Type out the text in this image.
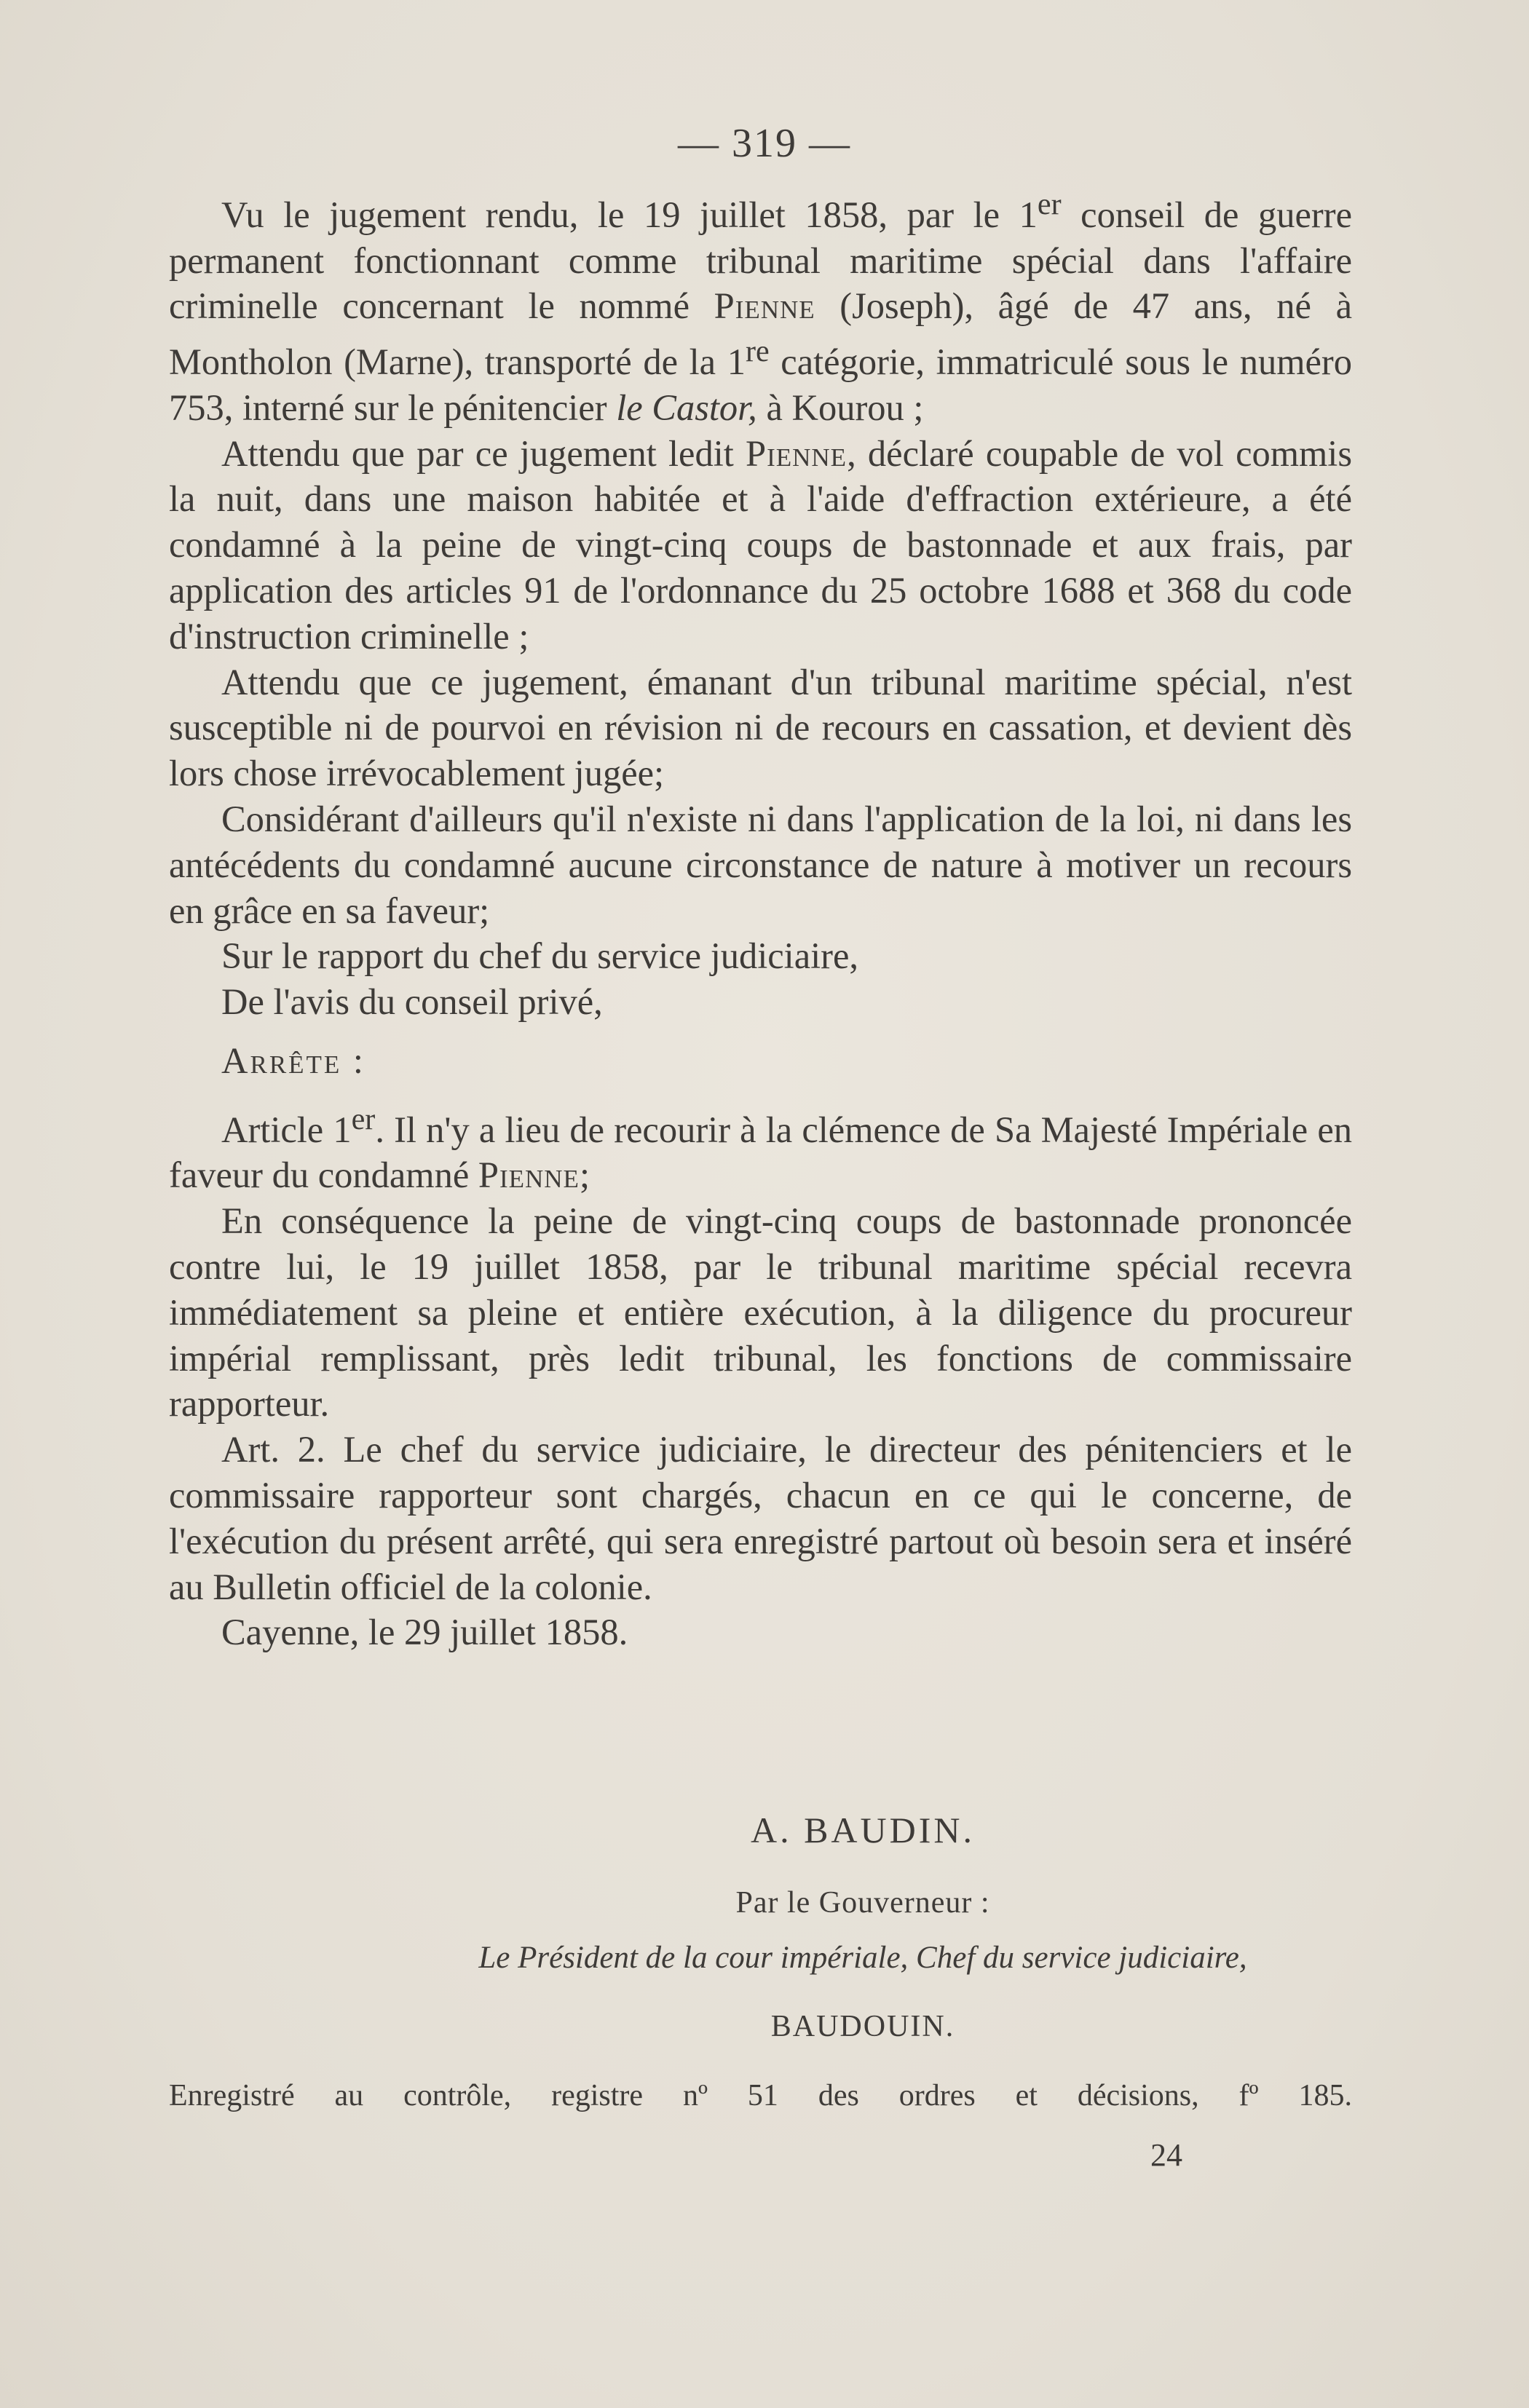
— 319 —

Vu le jugement rendu, le 19 juillet 1858, par le 1er conseil de guerre permanent fonctionnant comme tribunal maritime spécial dans l'affaire criminelle concernant le nommé Pienne (Joseph), âgé de 47 ans, né à Montholon (Marne), transporté de la 1re catégorie, immatriculé sous le numéro 753, interné sur le pénitencier le Castor, à Kourou ;

Attendu que par ce jugement ledit Pienne, déclaré coupable de vol commis la nuit, dans une maison habitée et à l'aide d'effraction extérieure, a été condamné à la peine de vingt-cinq coups de bastonnade et aux frais, par application des articles 91 de l'ordonnance du 25 octobre 1688 et 368 du code d'instruction criminelle ;

Attendu que ce jugement, émanant d'un tribunal maritime spécial, n'est susceptible ni de pourvoi en révision ni de recours en cassation, et devient dès lors chose irrévocablement jugée;

Considérant d'ailleurs qu'il n'existe ni dans l'application de la loi, ni dans les antécédents du condamné aucune circonstance de nature à motiver un recours en grâce en sa faveur;

Sur le rapport du chef du service judiciaire,

De l'avis du conseil privé,

Arrête :

Article 1er. Il n'y a lieu de recourir à la clémence de Sa Majesté Impériale en faveur du condamné Pienne;

En conséquence la peine de vingt-cinq coups de bastonnade prononcée contre lui, le 19 juillet 1858, par le tribunal maritime spécial recevra immédiatement sa pleine et entière exécution, à la diligence du procureur impérial remplissant, près ledit tribunal, les fonctions de commissaire rapporteur.

Art. 2. Le chef du service judiciaire, le directeur des pénitenciers et le commissaire rapporteur sont chargés, chacun en ce qui le concerne, de l'exécution du présent arrêté, qui sera enregistré partout où besoin sera et inséré au Bulletin officiel de la colonie.

Cayenne, le 29 juillet 1858.

A. BAUDIN.
Par le Gouverneur :
Le Président de la cour impériale, Chef du service judiciaire,
BAUDOUIN.
Enregistré au contrôle, registre nº 51 des ordres et décisions, fº 185.
24
